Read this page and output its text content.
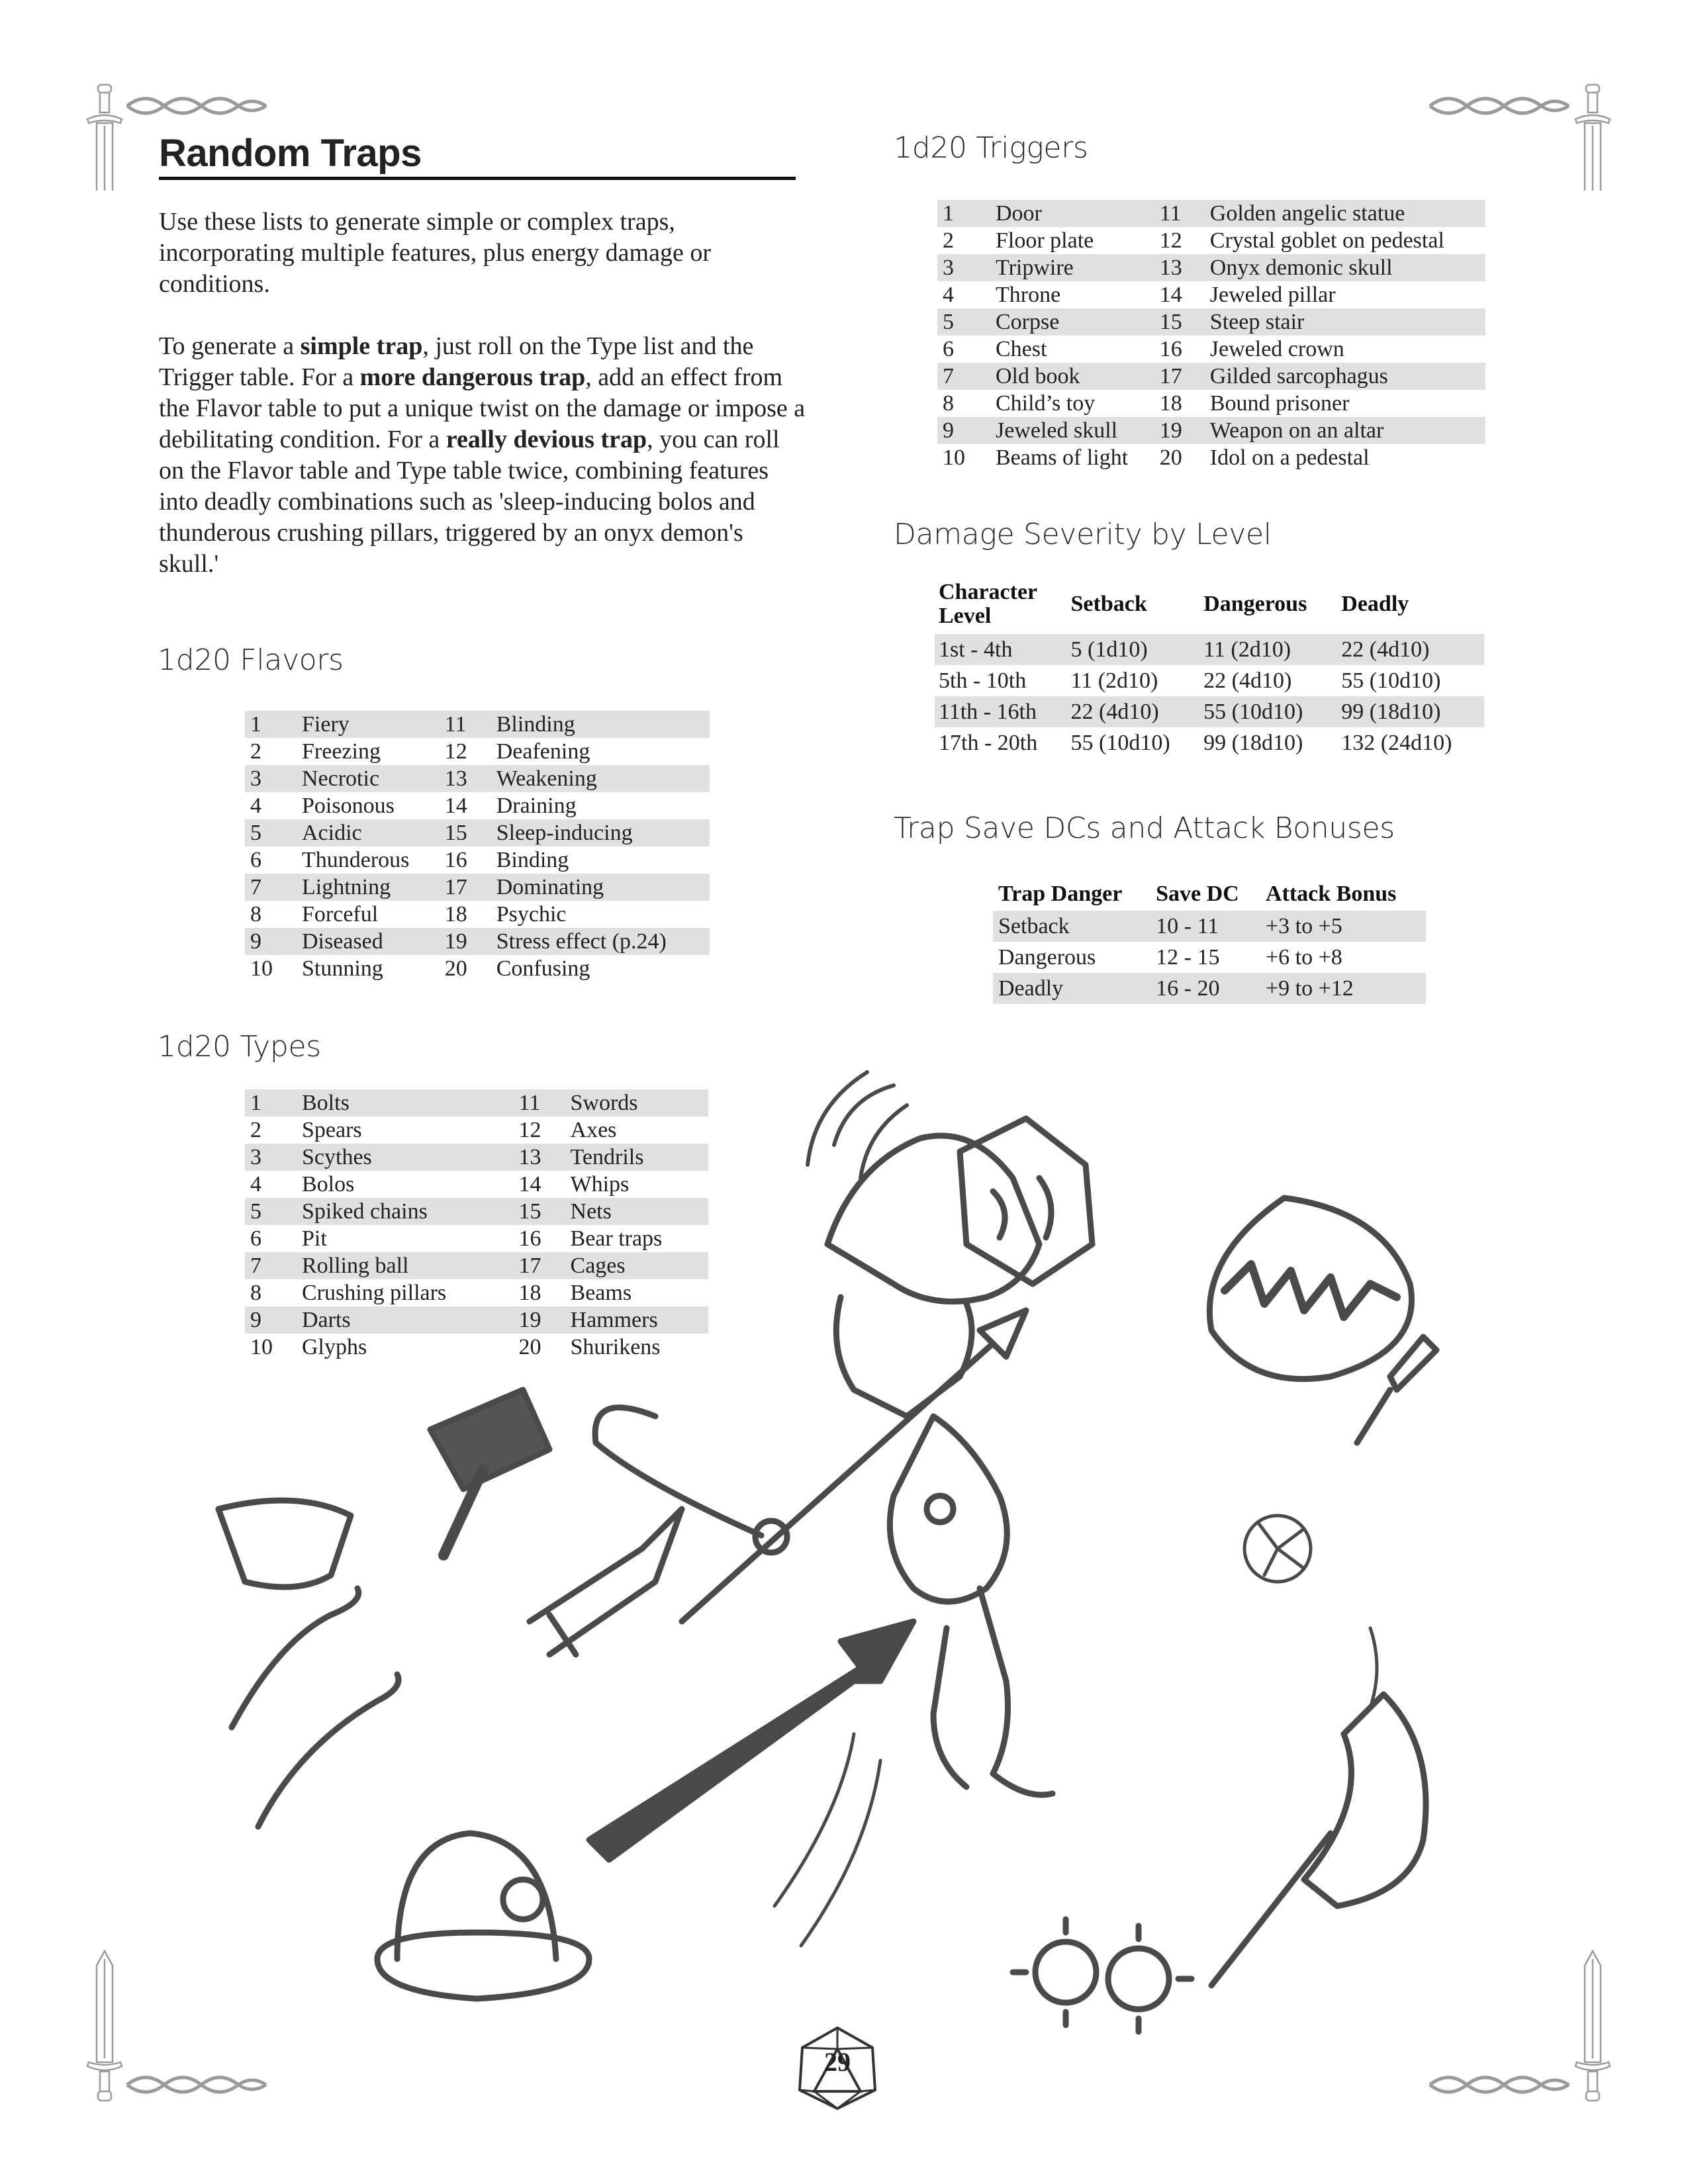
Random Traps

Use these lists to generate simple or complex traps, incorporating multiple features, plus energy damage or conditions.

To generate a simple trap, just roll on the Type list and the Trigger table. For a more dangerous trap, add an effect from the Flavor table to put a unique twist on the damage or impose a debilitating condition. For a really devious trap, you can roll on the Flavor table and Type table twice, combining features into deadly combinations such as 'sleep-inducing bolos and thunderous crushing pillars, triggered by an onyx demon's skull.'

1d20 Flavors
1	Fiery	11	Blinding
2	Freezing	12	Deafening
3	Necrotic	13	Weakening
4	Poisonous	14	Draining
5	Acidic	15	Sleep-inducing
6	Thunderous	16	Binding
7	Lightning	17	Dominating
8	Forceful	18	Psychic
9	Diseased	19	Stress effect (p.24)
10	Stunning	20	Confusing
1d20 Types
1	Bolts	11	Swords
2	Spears	12	Axes
3	Scythes	13	Tendrils
4	Bolos	14	Whips
5	Spiked chains	15	Nets
6	Pit	16	Bear traps
7	Rolling ball	17	Cages
8	Crushing pillars	18	Beams
9	Darts	19	Hammers
10	Glyphs	20	Shurikens
1d20 Triggers
1	Door	11	Golden angelic statue
2	Floor plate	12	Crystal goblet on pedestal
3	Tripwire	13	Onyx demonic skull
4	Throne	14	Jeweled pillar
5	Corpse	15	Steep stair
6	Chest	16	Jeweled crown
7	Old book	17	Gilded sarcophagus
8	Child’s toy	18	Bound prisoner
9	Jeweled skull	19	Weapon on an altar
10	Beams of light	20	Idol on a pedestal
Damage Severity by Level
Character
Level	Setback	Dangerous	Deadly
1st - 4th	5 (1d10)	11 (2d10)	22 (4d10)
5th - 10th	11 (2d10)	22 (4d10)	55 (10d10)
11th - 16th	22 (4d10)	55 (10d10)	99 (18d10)
17th - 20th	55 (10d10)	99 (18d10)	132 (24d10)
Trap Save DCs and Attack Bonuses
Trap Danger	Save DC	Attack Bonus
Setback	10 - 11	+3 to +5
Dangerous	12 - 15	+6 to +8
Deadly	16 - 20	+9 to +12
29
